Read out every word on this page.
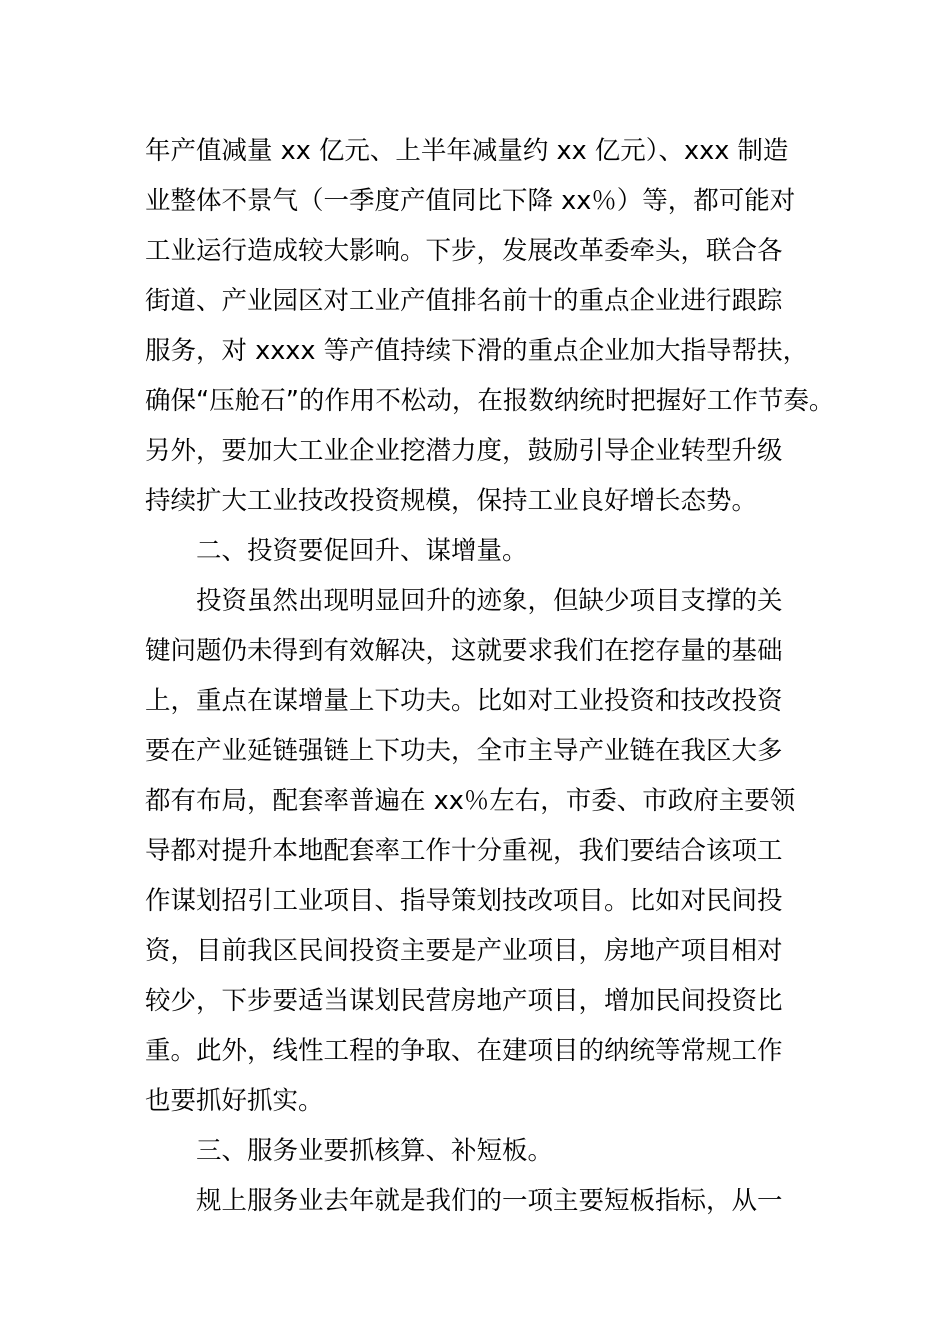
年产值减量 xx 亿元、上半年减量约 xx 亿元）、xxx 制造
业整体不景气（一季度产值同比下降 xx％）等，都可能对
工业运行造成较大影响。下步，发展改革委牵头，联合各
街道、产业园区对工业产值排名前十的重点企业进行跟踪
服务，对 xxxx 等产值持续下滑的重点企业加大指导帮扶，
确保“压舱石”的作用不松动，在报数纳统时把握好工作节奏。
另外，要加大工业企业挖潜力度，鼓励引导企业转型升级
持续扩大工业技改投资规模，保持工业良好增长态势。
二、投资要促回升、谋增量。
投资虽然出现明显回升的迹象，但缺少项目支撑的关
键问题仍未得到有效解决，这就要求我们在挖存量的基础
上，重点在谋增量上下功夫。比如对工业投资和技改投资
要在产业延链强链上下功夫，全市主导产业链在我区大多
都有布局，配套率普遍在 xx％左右，市委、市政府主要领
导都对提升本地配套率工作十分重视，我们要结合该项工
作谋划招引工业项目、指导策划技改项目。比如对民间投
资，目前我区民间投资主要是产业项目，房地产项目相对
较少，下步要适当谋划民营房地产项目，增加民间投资比
重。此外，线性工程的争取、在建项目的纳统等常规工作
也要抓好抓实。
三、服务业要抓核算、补短板。
规上服务业去年就是我们的一项主要短板指标，从一
